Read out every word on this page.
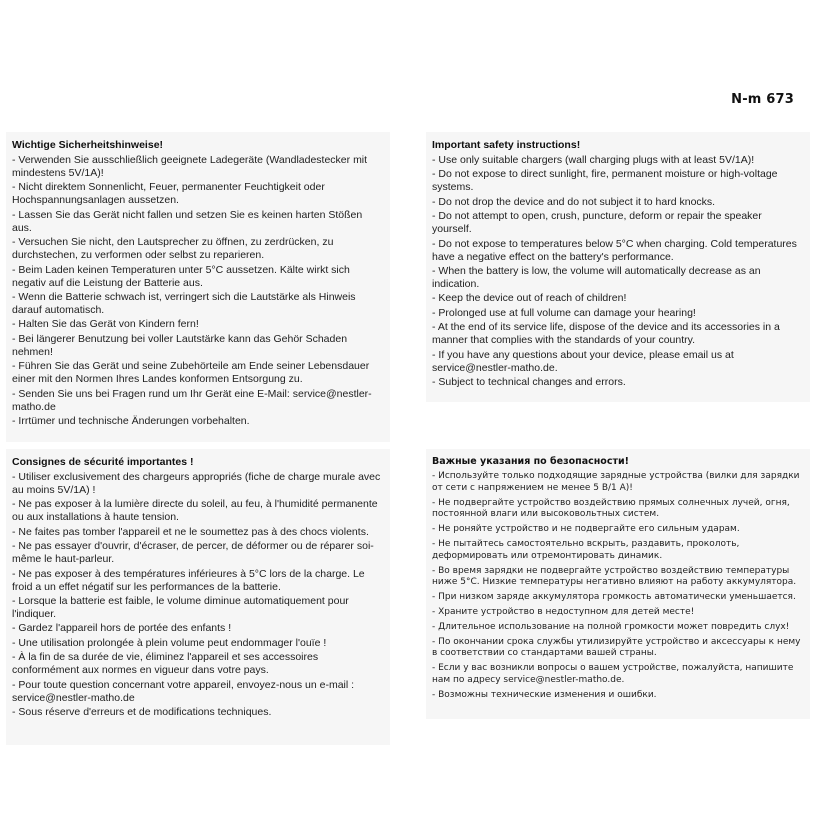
N-m 673
Wichtige Sicherheitshinweise!
- Verwenden Sie ausschließlich geeignete Ladegeräte (Wandladestecker mit mindestens 5V/1A)!
- Nicht direktem Sonnenlicht, Feuer, permanenter Feuchtigkeit oder Hochspannungsanlagen aussetzen.
- Lassen Sie das Gerät nicht fallen und setzen Sie es keinen harten Stößen aus.
- Versuchen Sie nicht, den Lautsprecher zu öffnen, zu zerdrücken, zu durchstechen, zu verformen oder selbst zu reparieren.
- Beim Laden keinen Temperaturen unter 5°C aussetzen. Kälte wirkt sich negativ auf die Leistung der Batterie aus.
- Wenn die Batterie schwach ist, verringert sich die Lautstärke als Hinweis darauf automatisch.
- Halten Sie das Gerät von Kindern fern!
- Bei längerer Benutzung bei voller Lautstärke kann das Gehör Schaden nehmen!
- Führen Sie das Gerät und seine Zubehörteile am Ende seiner Lebensdauer einer mit den Normen Ihres Landes konformen Entsorgung zu.
- Senden Sie uns bei Fragen rund um Ihr Gerät eine E-Mail: service@nestler-matho.de
- Irrtümer und technische Änderungen vorbehalten.
Important safety instructions!
- Use only suitable chargers (wall charging plugs with at least 5V/1A)!
- Do not expose to direct sunlight, fire, permanent moisture or high-voltage systems.
- Do not drop the device and do not subject it to hard knocks.
- Do not attempt to open, crush, puncture, deform or repair the speaker yourself.
- Do not expose to temperatures below 5°C when charging. Cold temperatures have a negative effect on the battery's performance.
- When the battery is low, the volume will automatically decrease as an indication.
- Keep the device out of reach of children!
- Prolonged use at full volume can damage your hearing!
- At the end of its service life, dispose of the device and its accessories in a manner that complies with the standards of your country.
- If you have any questions about your device, please email us at service@nestler-matho.de.
- Subject to technical changes and errors.
Consignes de sécurité importantes !
- Utiliser exclusivement des chargeurs appropriés (fiche de charge murale avec au moins 5V/1A) !
- Ne pas exposer à la lumière directe du soleil, au feu, à l'humidité permanente ou aux installations à haute tension.
- Ne faites pas tomber l'appareil et ne le soumettez pas à des chocs violents.
- Ne pas essayer d'ouvrir, d'écraser, de percer, de déformer ou de réparer soi-même le haut-parleur.
- Ne pas exposer à des températures inférieures à 5°C lors de la charge. Le froid a un effet négatif sur les performances de la batterie.
- Lorsque la batterie est faible, le volume diminue automatiquement pour l'indiquer.
- Gardez l'appareil hors de portée des enfants !
- Une utilisation prolongée à plein volume peut endommager l'ouïe !
- À la fin de sa durée de vie, éliminez l'appareil et ses accessoires conformément aux normes en vigueur dans votre pays.
- Pour toute question concernant votre appareil, envoyez-nous un e-mail : service@nestler-matho.de
- Sous réserve d'erreurs et de modifications techniques.
Важные указания по безопасности!
- Используйте только подходящие зарядные устройства (вилки для зарядки от сети с напряжением не менее 5 В/1 А)!
- Не подвергайте устройство воздействию прямых солнечных лучей, огня, постоянной влаги или высоковольтных систем.
- Не роняйте устройство и не подвергайте его сильным ударам.
- Не пытайтесь самостоятельно вскрыть, раздавить, проколоть, деформировать или отремонтировать динамик.
- Во время зарядки не подвергайте устройство воздействию температуры ниже 5°C. Низкие температуры негативно влияют на работу аккумулятора.
- При низком заряде аккумулятора громкость автоматически уменьшается.
- Храните устройство в недоступном для детей месте!
- Длительное использование на полной громкости может повредить слух!
- По окончании срока службы утилизируйте устройство и аксессуары к нему в соответствии со стандартами вашей страны.
- Если у вас возникли вопросы о вашем устройстве, пожалуйста, напишите нам по адресу service@nestler-matho.de.
- Возможны технические изменения и ошибки.
